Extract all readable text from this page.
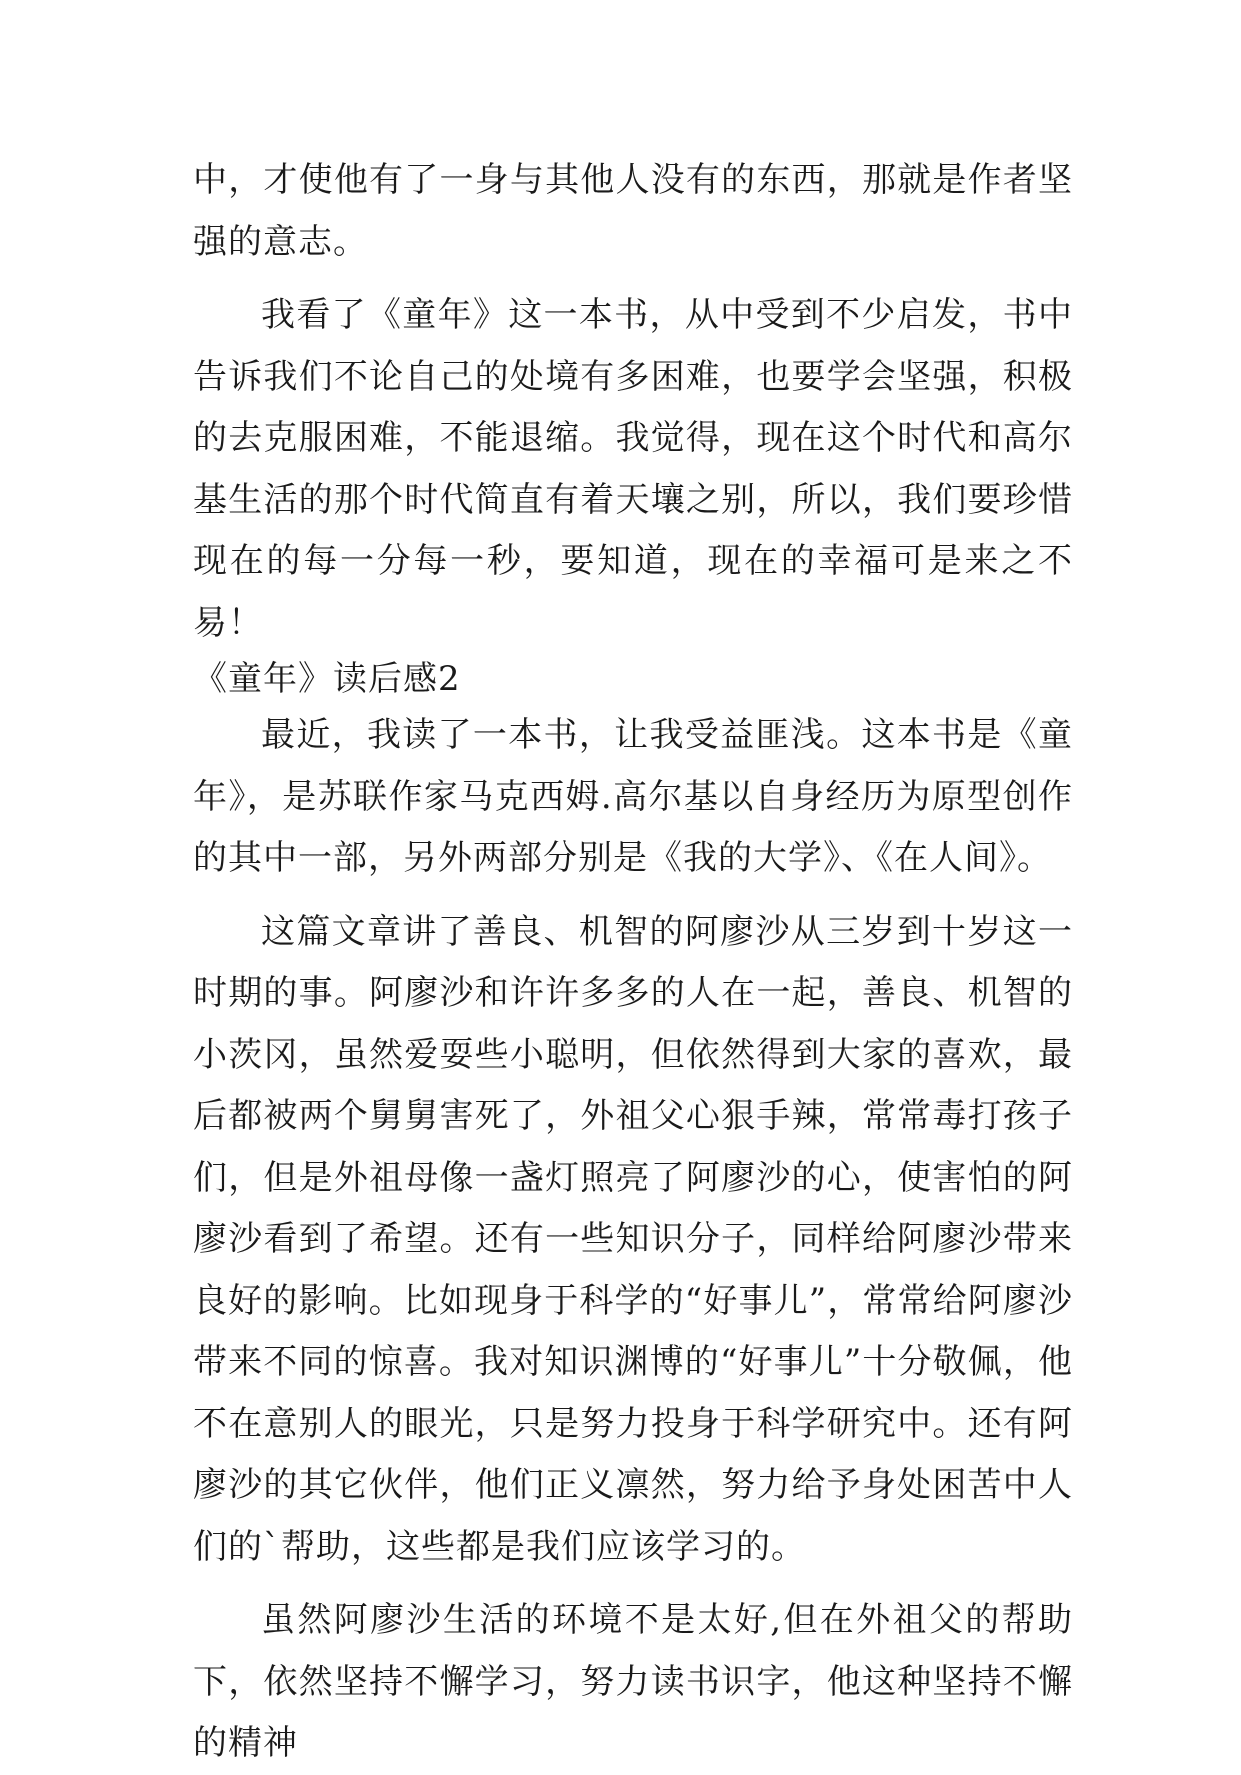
中，才使他有了一身与其他人没有的东西，那就是作者坚强的意志。

我看了《童年》这一本书，从中受到不少启发，书中告诉我们不论自己的处境有多困难，也要学会坚强，积极的去克服困难，不能退缩。我觉得，现在这个时代和高尔基生活的那个时代简直有着天壤之别，所以，我们要珍惜现在的每一分每一秒，要知道，现在的幸福可是来之不易！

《童年》读后感2

最近，我读了一本书，让我受益匪浅。这本书是《童年》，是苏联作家马克西姆.高尔基以自身经历为原型创作的其中一部，另外两部分别是《我的大学》、《在人间》。

这篇文章讲了善良、机智的阿廖沙从三岁到十岁这一时期的事。阿廖沙和许许多多的人在一起，善良、机智的小茨冈，虽然爱耍些小聪明，但依然得到大家的喜欢，最后都被两个舅舅害死了，外祖父心狠手辣，常常毒打孩子们，但是外祖母像一盏灯照亮了阿廖沙的心，使害怕的阿廖沙看到了希望。还有一些知识分子，同样给阿廖沙带来良好的影响。比如现身于科学的“好事儿”，常常给阿廖沙带来不同的惊喜。我对知识渊博的“好事儿”十分敬佩，他不在意别人的眼光，只是努力投身于科学研究中。还有阿廖沙的其它伙伴，他们正义凛然，努力给予身处困苦中人们的`帮助，这些都是我们应该学习的。

虽然阿廖沙生活的环境不是太好,但在外祖父的帮助下，依然坚持不懈学习，努力读书识字，他这种坚持不懈的精神
